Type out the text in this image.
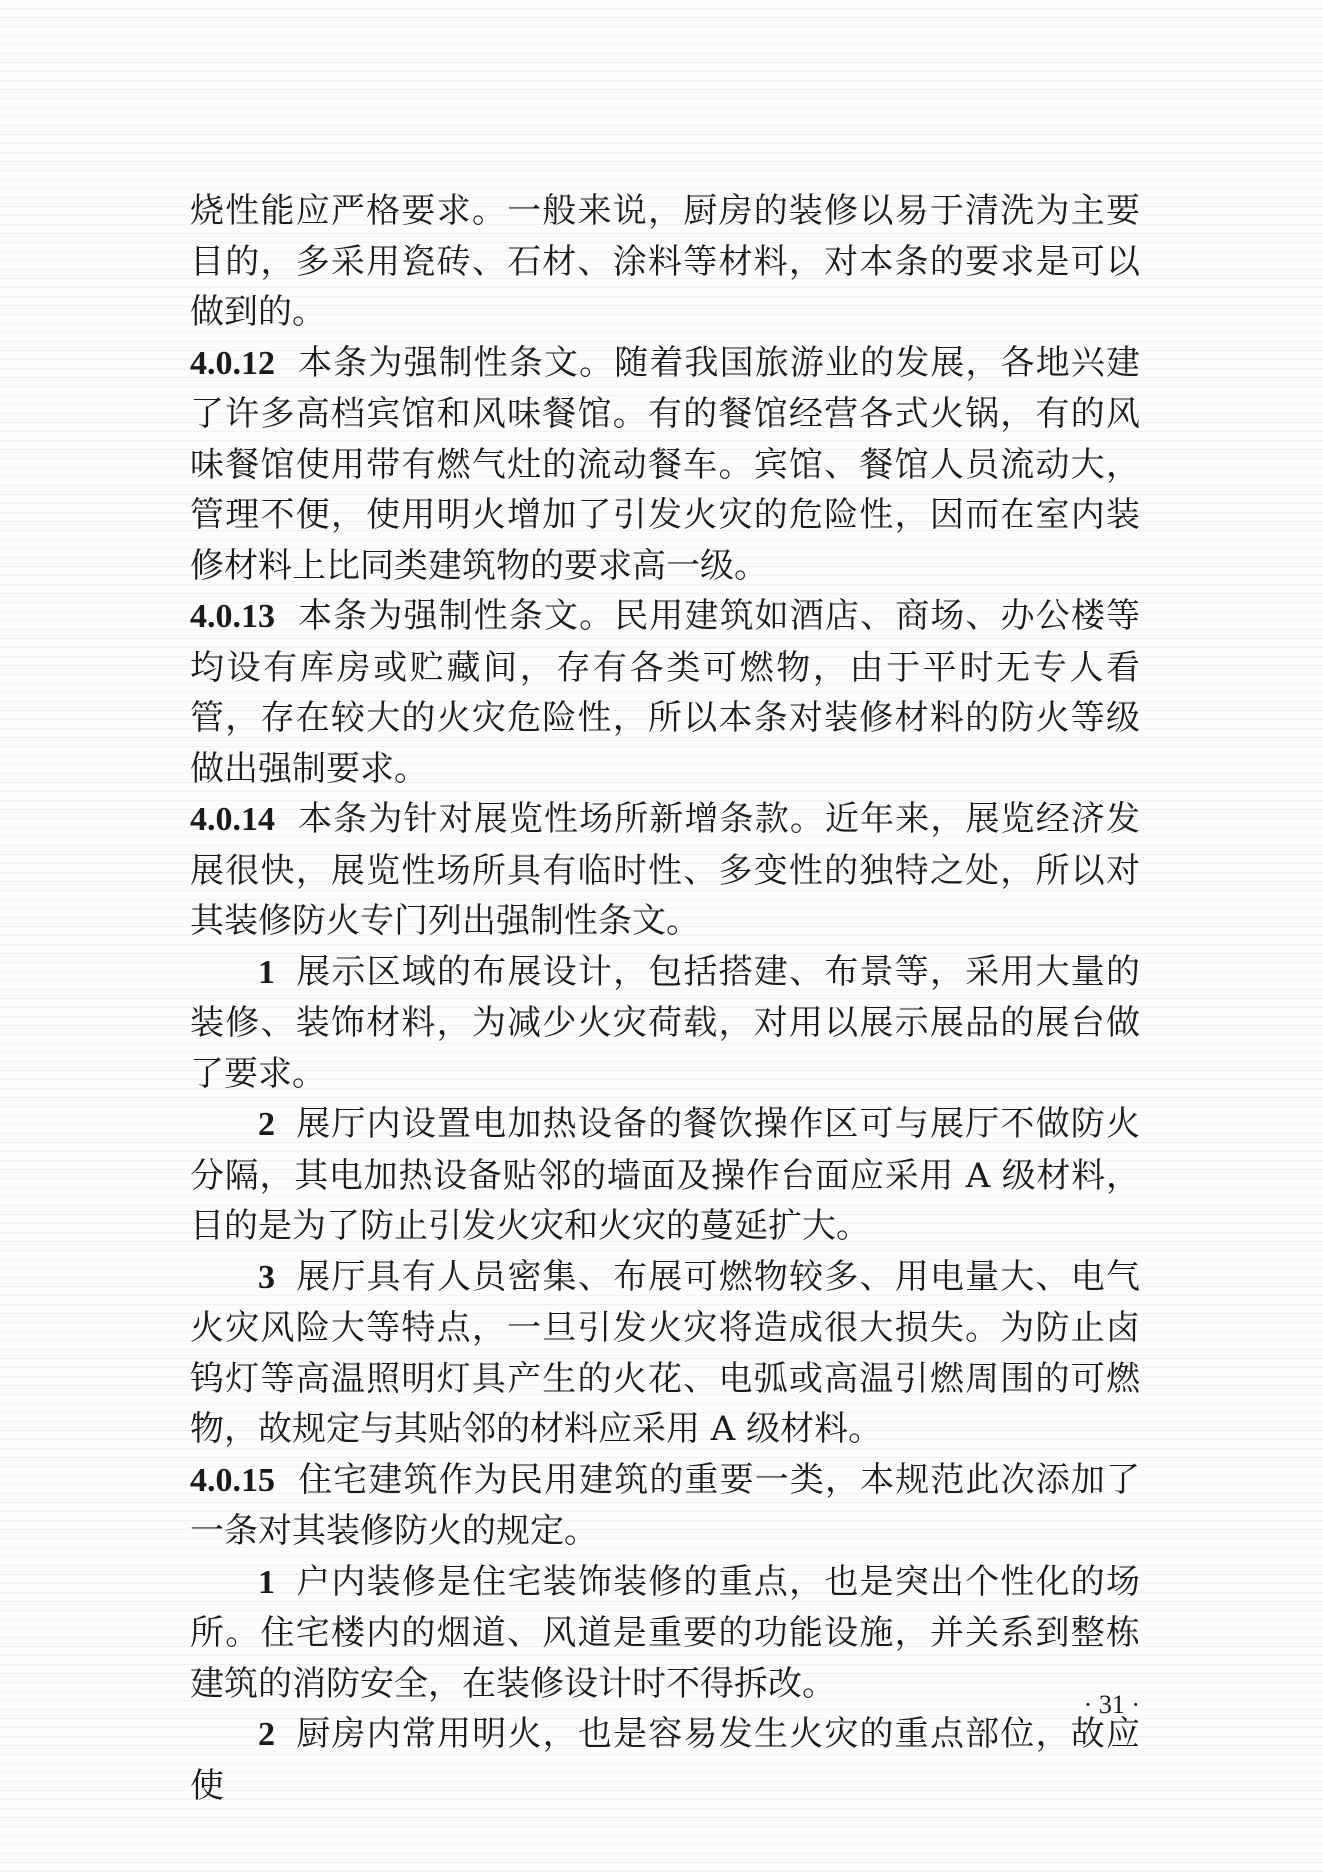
烧性能应严格要求。一般来说，厨房的装修以易于清洗为主要目的，多采用瓷砖、石材、涂料等材料，对本条的要求是可以做到的。

4.0.12 本条为强制性条文。随着我国旅游业的发展，各地兴建了许多高档宾馆和风味餐馆。有的餐馆经营各式火锅，有的风味餐馆使用带有燃气灶的流动餐车。宾馆、餐馆人员流动大，管理不便，使用明火增加了引发火灾的危险性，因而在室内装修材料上比同类建筑物的要求高一级。

4.0.13 本条为强制性条文。民用建筑如酒店、商场、办公楼等均设有库房或贮藏间，存有各类可燃物，由于平时无专人看管，存在较大的火灾危险性，所以本条对装修材料的防火等级做出强制要求。

4.0.14 本条为针对展览性场所新增条款。近年来，展览经济发展很快，展览性场所具有临时性、多变性的独特之处，所以对其装修防火专门列出强制性条文。

1 展示区域的布展设计，包括搭建、布景等，采用大量的装修、装饰材料，为减少火灾荷载，对用以展示展品的展台做了要求。

2 展厅内设置电加热设备的餐饮操作区可与展厅不做防火分隔，其电加热设备贴邻的墙面及操作台面应采用 A 级材料，目的是为了防止引发火灾和火灾的蔓延扩大。

3 展厅具有人员密集、布展可燃物较多、用电量大、电气火灾风险大等特点，一旦引发火灾将造成很大损失。为防止卤钨灯等高温照明灯具产生的火花、电弧或高温引燃周围的可燃物，故规定与其贴邻的材料应采用 A 级材料。

4.0.15 住宅建筑作为民用建筑的重要一类，本规范此次添加了一条对其装修防火的规定。

1 户内装修是住宅装饰装修的重点，也是突出个性化的场所。住宅楼内的烟道、风道是重要的功能设施，并关系到整栋建筑的消防安全，在装修设计时不得拆改。

2 厨房内常用明火，也是容易发生火灾的重点部位，故应使

· 31 ·
